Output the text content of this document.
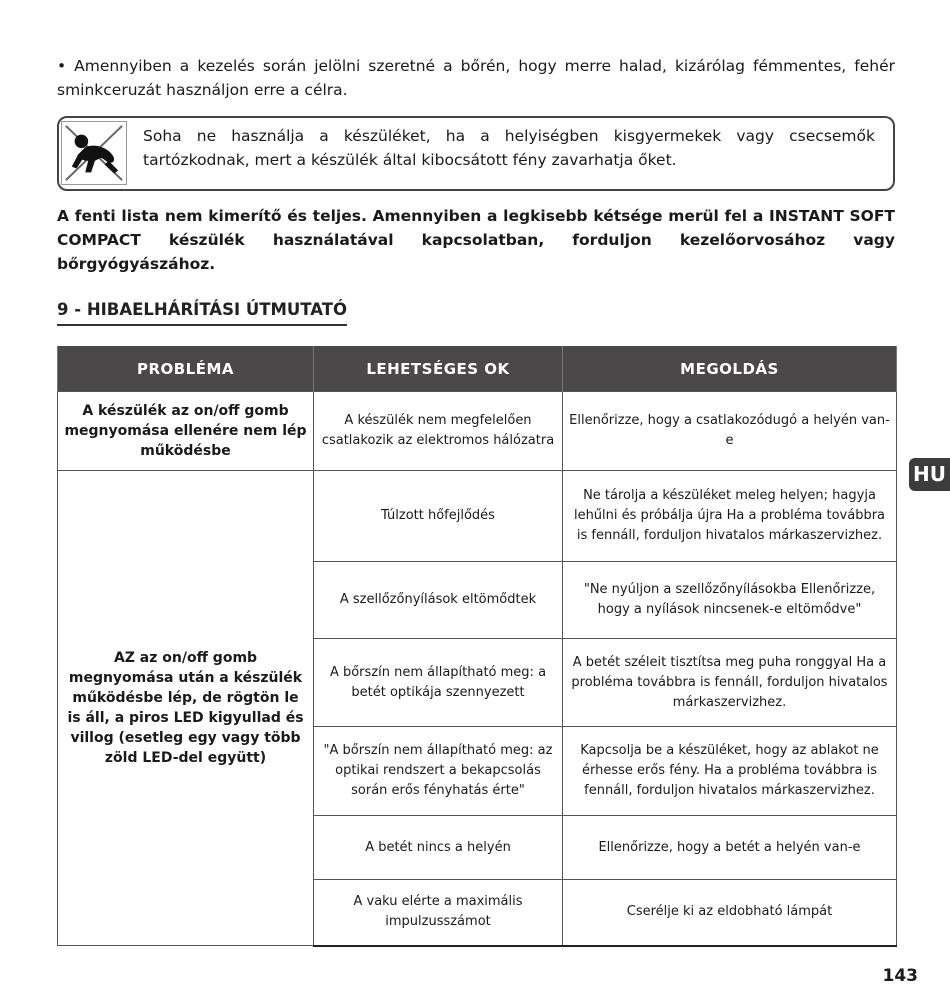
• Amennyiben a kezelés során jelölni szeretné a bőrén, hogy merre halad, kizárólag fémmentes, fehér sminkceruzát használjon erre a célra.

Soha ne használja a készüléket, ha a helyiségben kisgyermekek vagy csecsemők tartózkodnak, mert a készülék által kibocsátott fény zavarhatja őket.

A fenti lista nem kimerítő és teljes. Amennyiben a legkisebb kétsége merül fel a INSTANT SOFT COMPACT készülék használatával kapcsolatban, forduljon kezelőorvosához vagy bőrgyógyászához.

9 - HIBAELHÁRÍTÁSI ÚTMUTATÓ
PROBLÉMA	LEHETSÉGES OK	MEGOLDÁS
A készülék az on/off gomb megnyomása ellenére nem lép működésbe	A készülék nem megfelelően csatlakozik az elektromos hálózatra	Ellenőrizze, hogy a csatlakozódugó a helyén van-e
AZ az on/off gomb megnyomása után a készülék működésbe lép, de rögtön le is áll, a piros LED kigyullad és villog (esetleg egy vagy több zöld LED-del együtt)	Túlzott hőfejlődés	Ne tárolja a készüléket meleg helyen; hagyja lehűlni és próbálja újra Ha a probléma továbbra is fennáll, forduljon hivatalos márkaszervizhez.
	A szellőzőnyílások eltömődtek	"Ne nyúljon a szellőzőnyílásokba Ellenőrizze, hogy a nyílások nincsenek-e eltömődve"
	A bőrszín nem állapítható meg: a betét optikája szennyezett	A betét széleit tisztítsa meg puha ronggyal Ha a probléma továbbra is fennáll, forduljon hivatalos márkaszervizhez.
	"A bőrszín nem állapítható meg: az optikai rendszert a bekapcsolás során erős fényhatás érte"	Kapcsolja be a készüléket, hogy az ablakot ne érhesse erős fény. Ha a probléma továbbra is fennáll, forduljon hivatalos márkaszervizhez.
	A betét nincs a helyén	Ellenőrizze, hogy a betét a helyén van-e
	A vaku elérte a maximális impulzusszámot	Cserélje ki az eldobható lámpát
HU
143
